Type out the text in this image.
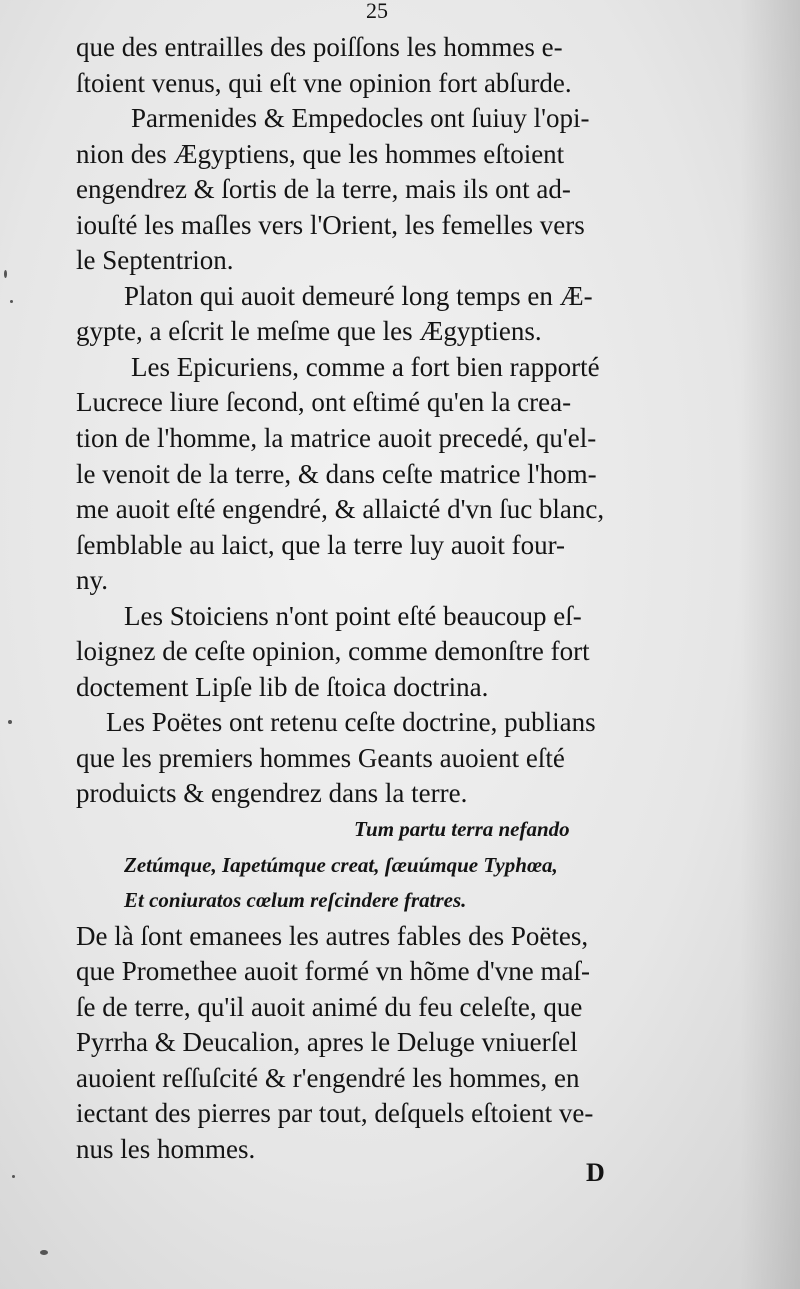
25
que des entrailles des poiſſons les hommes e-
ſtoient venus, qui eſt vne opinion fort abſurde.
Parmenides & Empedocles ont ſuiuy l'opi-
nion des Ægyptiens, que les hommes eſtoient
engendrez & ſortis de la terre, mais ils ont ad-
iouſté les maſles vers l'Orient, les femelles vers
le Septentrion.
Platon qui auoit demeuré long temps en Æ-
gypte, a eſcrit le meſme que les Ægyptiens.
Les Epicuriens, comme a fort bien rapporté
Lucrece liure ſecond, ont eſtimé qu'en la crea-
tion de l'homme, la matrice auoit precedé, qu'el-
le venoit de la terre, & dans ceſte matrice l'hom-
me auoit eſté engendré, & allaicté d'vn ſuc blanc,
ſemblable au laict, que la terre luy auoit four-
ny.
Les Stoiciens n'ont point eſté beaucoup eſ-
loignez de ceſte opinion, comme demonſtre fort
doctement Lipſe lib de ſtoica doctrina.
Les Poëtes ont retenu ceſte doctrine, publians
que les premiers hommes Geants auoient eſté
produicts & engendrez dans la terre.
Tum partu terra nefando
Zetúmque, Iapetúmque creat, ſæuúmque Typhœa,
Et coniuratos cœlum reſcindere fratres.
De là ſont emanees les autres fables des Poëtes,
que Promethee auoit formé vn hõme d'vne maſ-
ſe de terre, qu'il auoit animé du feu celeſte, que
Pyrrha & Deucalion, apres le Deluge vniuerſel
auoient reſſuſcité & r'engendré les hommes, en
iectant des pierres par tout, deſquels eſtoient ve-
nus les hommes.
D
